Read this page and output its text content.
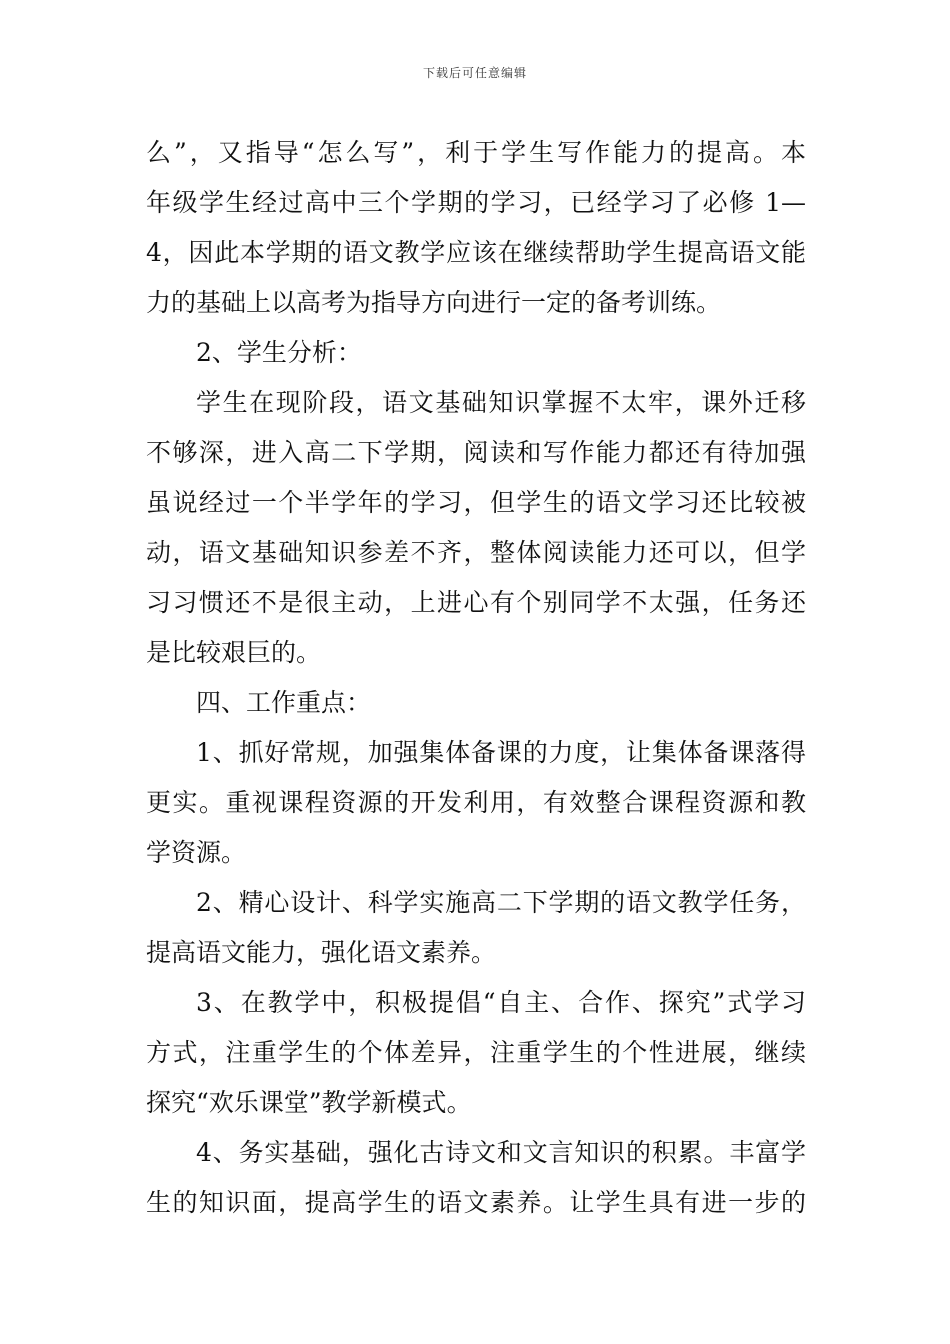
下载后可任意编辑
么”，又指导“怎么写”，利于学生写作能力的提高。本
年级学生经过高中三个学期的学习，已经学习了必修 1—
4，因此本学期的语文教学应该在继续帮助学生提高语文能
力的基础上以高考为指导方向进行一定的备考训练。
2、学生分析：
学生在现阶段，语文基础知识掌握不太牢，课外迁移
不够深，进入高二下学期，阅读和写作能力都还有待加强
虽说经过一个半学年的学习，但学生的语文学习还比较被
动，语文基础知识参差不齐，整体阅读能力还可以，但学
习习惯还不是很主动，上进心有个别同学不太强，任务还
是比较艰巨的。
四、工作重点：
1、抓好常规，加强集体备课的力度，让集体备课落得
更实。重视课程资源的开发利用，有效整合课程资源和教
学资源。
2、精心设计、科学实施高二下学期的语文教学任务，
提高语文能力，强化语文素养。
3、在教学中，积极提倡“自主、合作、探究”式学习
方式，注重学生的个体差异，注重学生的个性进展，继续
探究“欢乐课堂”教学新模式。
4、务实基础，强化古诗文和文言知识的积累。丰富学
生的知识面，提高学生的语文素养。让学生具有进一步的
